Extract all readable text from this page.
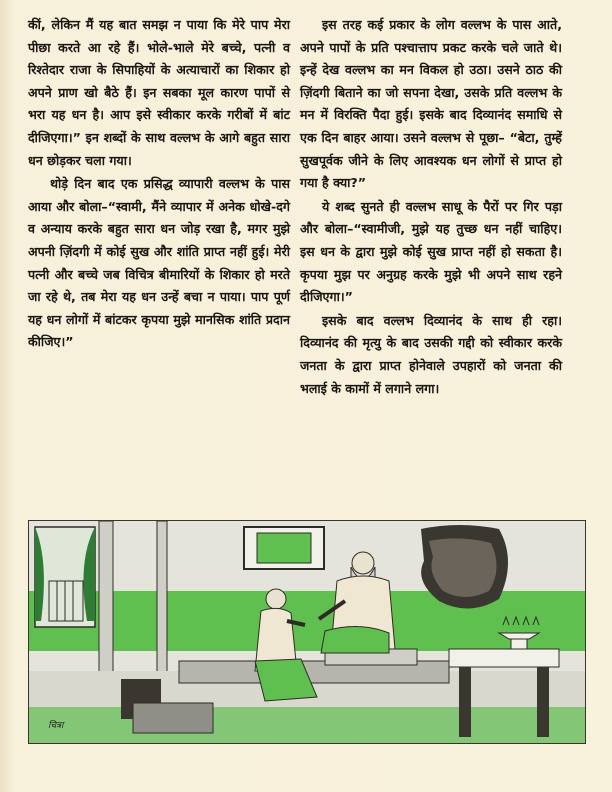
कीं, लेकिन मैं यह बात समझ न पाया कि मेरे पाप मेरा पीछा करते आ रहे हैं। भोले-भाले मेरे बच्चे, पत्नी व रिश्तेदार राजा के सिपाहियों के अत्याचारों का शिकार हो अपने प्राण खो बैठे हैं। इन सबका मूल कारण पापों से भरा यह धन है। आप इसे स्वीकार करके गरीबों में बांट दीजिएगा।” इन शब्दों के साथ वल्लभ के आगे बहुत सारा धन छोड़कर चला गया।

थोड़े दिन बाद एक प्रसिद्ध व्यापारी वल्लभ के पास आया और बोला–“स्वामी, मैंने व्यापार में अनेक धोखे-दगे व अन्याय करके बहुत सारा धन जोड़ रखा है, मगर मुझे अपनी ज़िंदगी में कोई सुख और शांति प्राप्त नहीं हुई। मेरी पत्नी और बच्चे जब विचित्र बीमारियों के शिकार हो मरते जा रहे थे, तब मेरा यह धन उन्हें बचा न पाया। पाप पूर्ण यह धन लोगों में बांटकर कृपया मुझे मानसिक शांति प्रदान कीजिए।”

इस तरह कई प्रकार के लोग वल्लभ के पास आते, अपने पापों के प्रति पश्चात्ताप प्रकट करके चले जाते थे। इन्हें देख वल्लभ का मन विकल हो उठा। उसने ठाठ की ज़िंदगी बिताने का जो सपना देखा, उसके प्रति वल्लभ के मन में विरक्ति पैदा हुई। इसके बाद दिव्यानंद समाधि से एक दिन बाहर आया। उसने वल्लभ से पूछा– “बेटा, तुम्हें सुखपूर्वक जीने के लिए आवश्यक धन लोगों से प्राप्त हो गया है क्या?”

ये शब्द सुनते ही वल्लभ साधू के पैरों पर गिर पड़ा और बोला–“स्वामीजी, मुझे यह तुच्छ धन नहीं चाहिए। इस धन के द्वारा मुझे कोई सुख प्राप्त नहीं हो सकता है। कृपया मुझ पर अनुग्रह करके मुझे भी अपने साथ रहने दीजिएगा।”

इसके बाद वल्लभ दिव्यानंद के साथ ही रहा। दिव्यानंद की मृत्यु के बाद उसकी गद्दी को स्वीकार करके जनता के द्वारा प्राप्त होनेवाले उपहारों को जनता की भलाई के कामों में लगाने लगा।

चित्रा
